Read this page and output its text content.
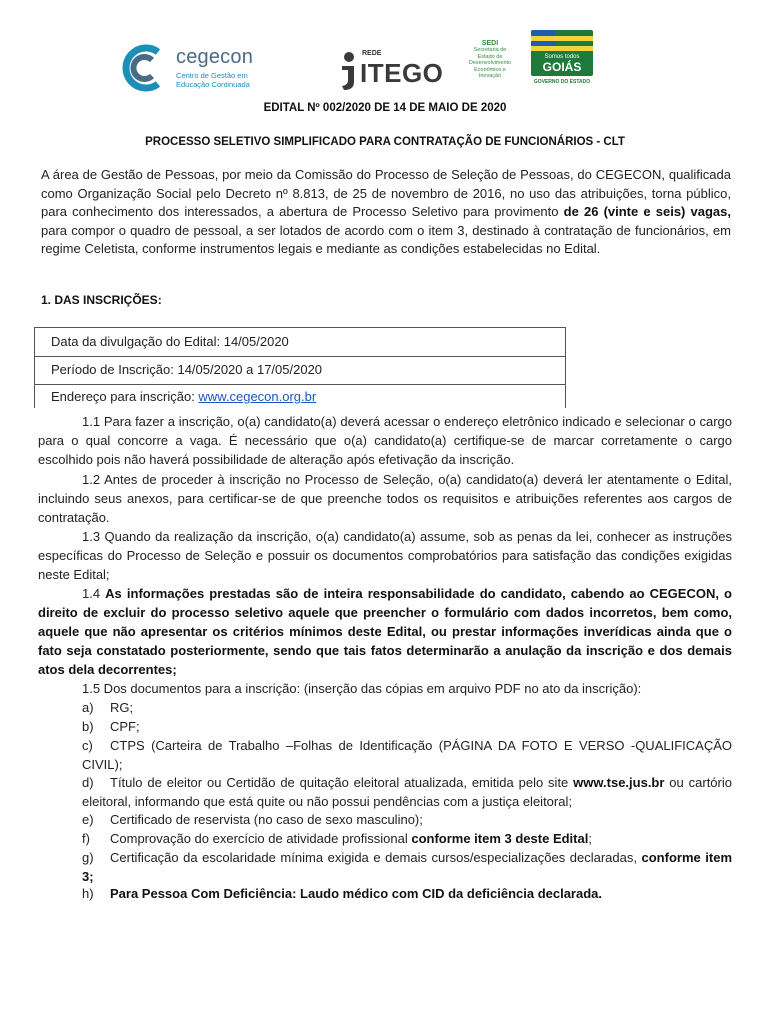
cegecon
Centro de Gestão em
Educação Continuada
REDE
ITEGO
SEDI
Secretaria de
Estado de
Desenvolvimento
Econômico e
Inovação
Somos todos
GOIÁS
GOVERNO DO ESTADO
EDITAL Nº 002/2020 DE 14 DE MAIO DE 2020
PROCESSO SELETIVO SIMPLIFICADO PARA CONTRATAÇÃO DE FUNCIONÁRIOS - CLT
A área de Gestão de Pessoas, por meio da Comissão do Processo de Seleção de Pessoas, do CEGECON, qualificada como Organização Social pelo Decreto nº 8.813, de 25 de novembro de 2016, no uso das atribuições, torna público, para conhecimento dos interessados, a abertura de Processo Seletivo para provimento de 26 (vinte e seis) vagas, para compor o quadro de pessoal, a ser lotados de acordo com o item 3, destinado à contratação de funcionários, em regime Celetista, conforme instrumentos legais e mediante as condições estabelecidas no Edital.
1. DAS INSCRIÇÕES:
Data da divulgação do Edital: 14/05/2020
Período de Inscrição: 14/05/2020 a 17/05/2020
Endereço para inscrição: www.cegecon.org.br
1.1 Para fazer a inscrição, o(a) candidato(a) deverá acessar o endereço eletrônico indicado e selecionar o cargo para o qual concorre a vaga. É necessário que o(a) candidato(a) certifique-se de marcar corretamente o cargo escolhido pois não haverá possibilidade de alteração após efetivação da inscrição.
1.2 Antes de proceder à inscrição no Processo de Seleção, o(a) candidato(a) deverá ler atentamente o Edital, incluindo seus anexos, para certificar-se de que preenche todos os requisitos e atribuições referentes aos cargos de contratação.
1.3 Quando da realização da inscrição, o(a) candidato(a) assume, sob as penas da lei, conhecer as instruções específicas do Processo de Seleção e possuir os documentos comprobatórios para satisfação das condições exigidas neste Edital;
1.4 As informações prestadas são de inteira responsabilidade do candidato, cabendo ao CEGECON, o direito de excluir do processo seletivo aquele que preencher o formulário com dados incorretos, bem como, aquele que não apresentar os critérios mínimos deste Edital, ou prestar informações inverídicas ainda que o fato seja constatado posteriormente, sendo que tais fatos determinarão a anulação da inscrição e dos demais atos dela decorrentes;
1.5 Dos documentos para a inscrição: (inserção das cópias em arquivo PDF no ato da inscrição):
a) RG;
b) CPF;
c) CTPS (Carteira de Trabalho –Folhas de Identificação (PÁGINA DA FOTO E VERSO -QUALIFICAÇÃO CIVIL);
d) Título de eleitor ou Certidão de quitação eleitoral atualizada, emitida pelo site www.tse.jus.br ou cartório eleitoral, informando que está quite ou não possui pendências com a justiça eleitoral;
e) Certificado de reservista (no caso de sexo masculino);
f) Comprovação do exercício de atividade profissional conforme item 3 deste Edital;
g) Certificação da escolaridade mínima exigida e demais cursos/especializações declaradas, conforme item 3;
h) Para Pessoa Com Deficiência: Laudo médico com CID da deficiência declarada.
